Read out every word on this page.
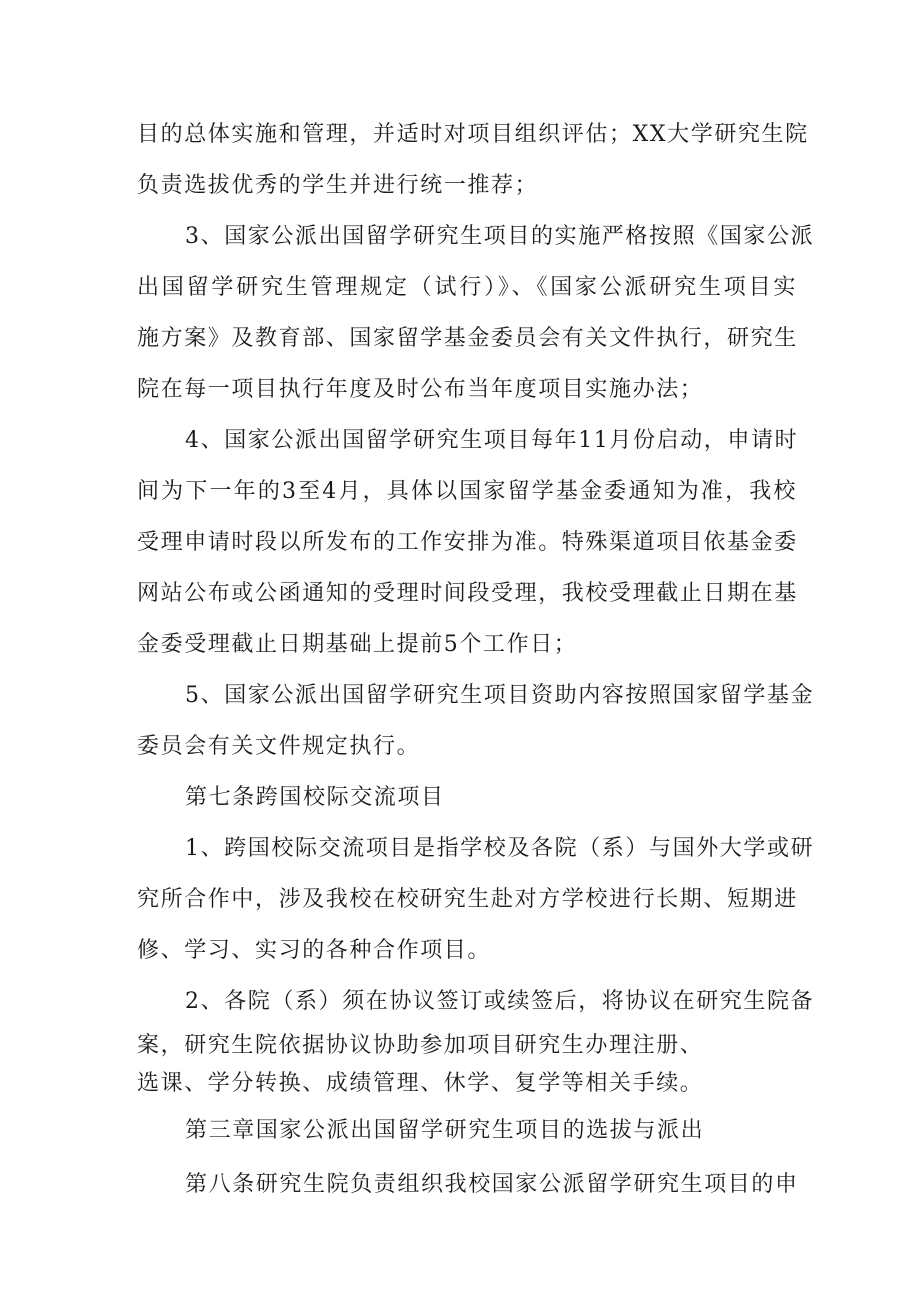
目的总体实施和管理，并适时对项目组织评估；XX大学研究生院
负责选拔优秀的学生并进行统一推荐；
3、国家公派出国留学研究生项目的实施严格按照《国家公派
出国留学研究生管理规定（试行）》、《国家公派研究生项目实
施方案》及教育部、国家留学基金委员会有关文件执行，研究生
院在每一项目执行年度及时公布当年度项目实施办法；
4、国家公派出国留学研究生项目每年11月份启动，申请时
间为下一年的3至4月，具体以国家留学基金委通知为准，我校
受理申请时段以所发布的工作安排为准。特殊渠道项目依基金委
网站公布或公函通知的受理时间段受理，我校受理截止日期在基
金委受理截止日期基础上提前5个工作日；
5、国家公派出国留学研究生项目资助内容按照国家留学基金
委员会有关文件规定执行。
第七条跨国校际交流项目
1、跨国校际交流项目是指学校及各院（系）与国外大学或研
究所合作中，涉及我校在校研究生赴对方学校进行长期、短期进
修、学习、实习的各种合作项目。
2、各院（系）须在协议签订或续签后，将协议在研究生院备
案，研究生院依据协议协助参加项目研究生办理注册、
选课、学分转换、成绩管理、休学、复学等相关手续。
第三章国家公派出国留学研究生项目的选拔与派出
第八条研究生院负责组织我校国家公派留学研究生项目的申
